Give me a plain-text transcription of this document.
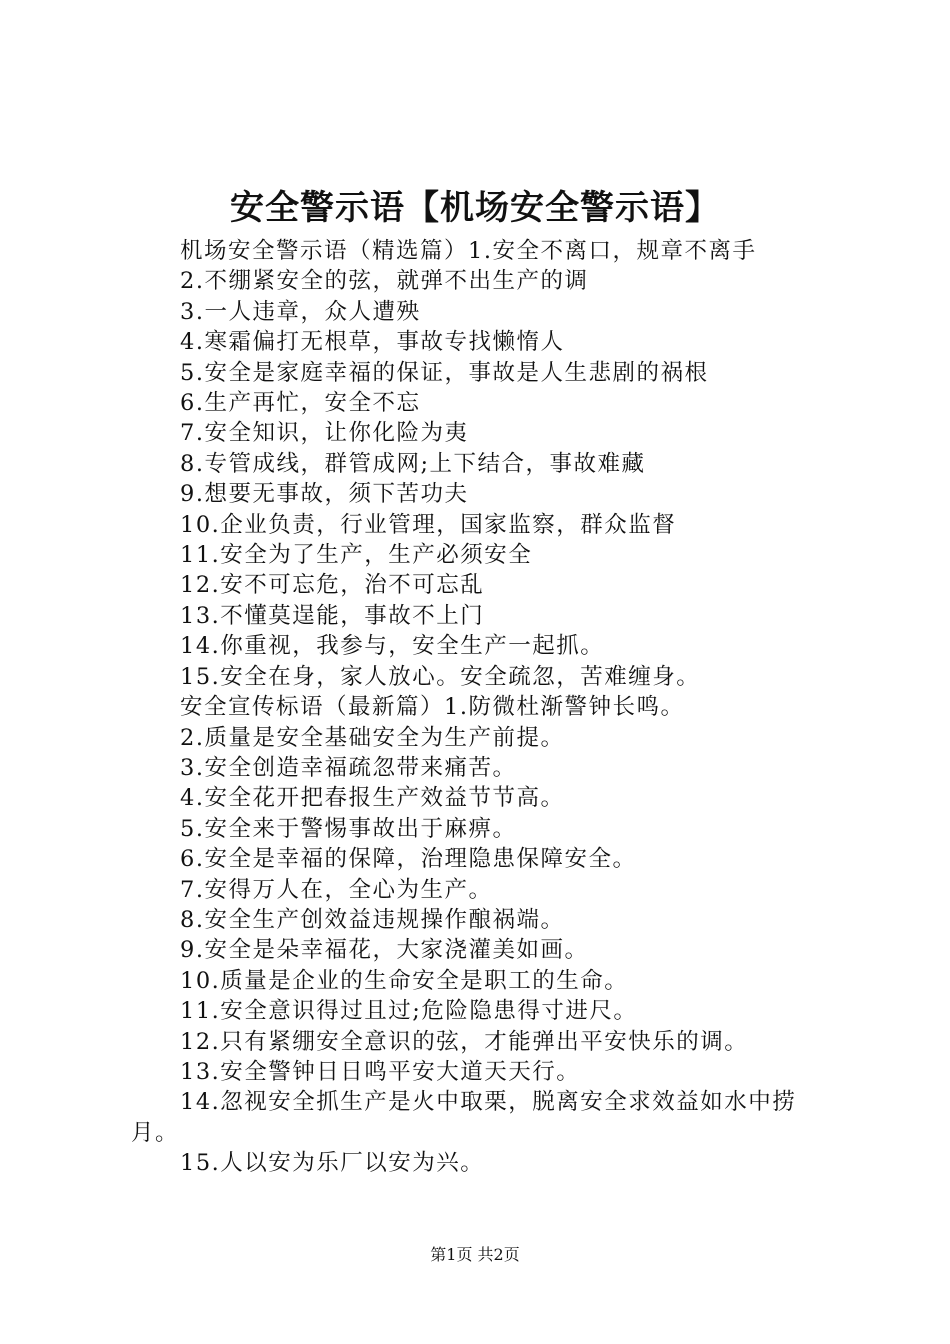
安全警示语【机场安全警示语】
机场安全警示语（精选篇）1.安全不离口，规章不离手
2.不绷紧安全的弦，就弹不出生产的调
3.一人违章，众人遭殃
4.寒霜偏打无根草，事故专找懒惰人
5.安全是家庭幸福的保证，事故是人生悲剧的祸根
6.生产再忙，安全不忘
7.安全知识，让你化险为夷
8.专管成线，群管成网;上下结合，事故难藏
9.想要无事故，须下苦功夫
10.企业负责，行业管理，国家监察，群众监督
11.安全为了生产，生产必须安全
12.安不可忘危，治不可忘乱
13.不懂莫逞能，事故不上门
14.你重视，我参与，安全生产一起抓。
15.安全在身，家人放心。安全疏忽，苦难缠身。
安全宣传标语（最新篇）1.防微杜渐警钟长鸣。
2.质量是安全基础安全为生产前提。
3.安全创造幸福疏忽带来痛苦。
4.安全花开把春报生产效益节节高。
5.安全来于警惕事故出于麻痹。
6.安全是幸福的保障，治理隐患保障安全。
7.安得万人在，全心为生产。
8.安全生产创效益违规操作酿祸端。
9.安全是朵幸福花，大家浇灌美如画。
10.质量是企业的生命安全是职工的生命。
11.安全意识得过且过;危险隐患得寸进尺。
12.只有紧绷安全意识的弦，才能弹出平安快乐的调。
13.安全警钟日日鸣平安大道天天行。
14.忽视安全抓生产是火中取栗，脱离安全求效益如水中捞月。
15.人以安为乐厂以安为兴。
第1页 共2页
